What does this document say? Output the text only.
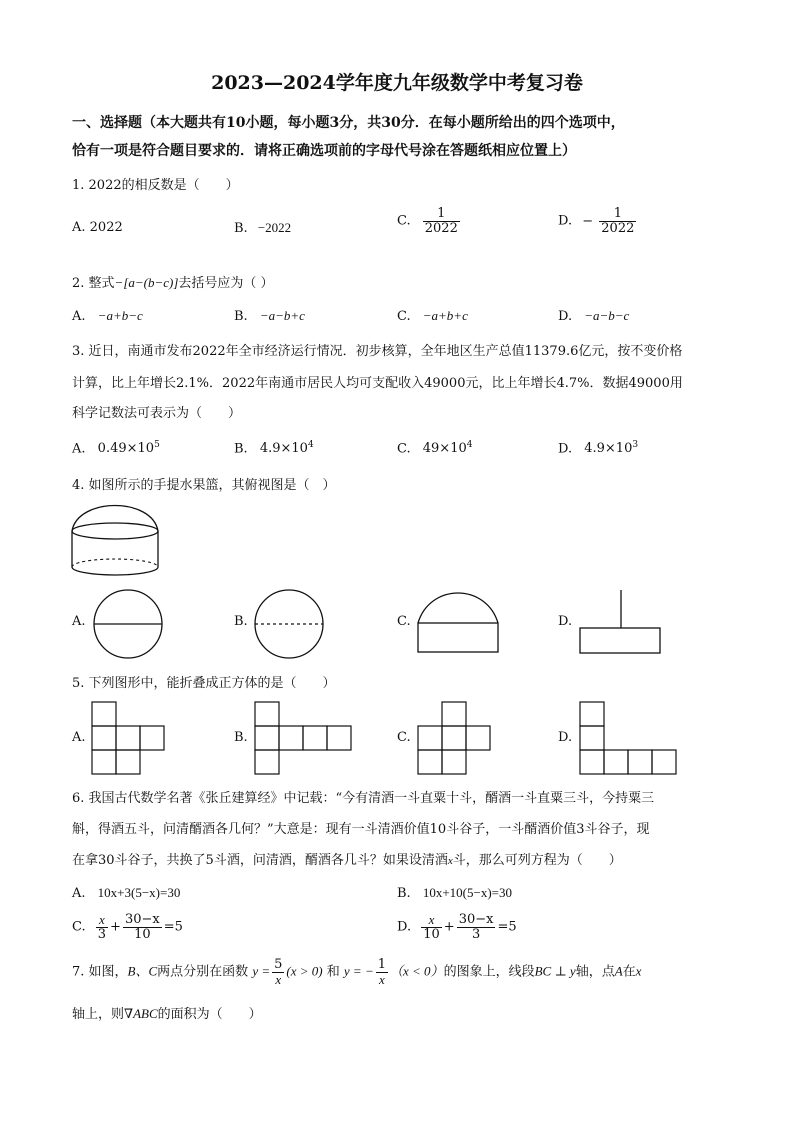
2023—2024学年度九年级数学中考复习卷
一、选择题（本大题共有10小题，每小题3分，共30分．在每小题所给出的四个选项中，
恰有一项是符合题目要求的．请将正确选项前的字母代号涂在答题纸相应位置上）
1. 2022的相反数是（　　）
A. 2022	B. −2022	C. $\frac{1}{2022}$	D. − $\frac{1}{2022}$
2. 整式−[a−(b−c)]去括号应为（ ）
A. −a+b−c	B. −a−b+c	C. −a+b+c	D. −a−b−c
3. 近日，南通市发布2022年全市经济运行情况．初步核算，全年地区生产总值11379.6亿元，按不变价格
计算，比上年增长2.1%．2022年南通市居民人均可支配收入49000元，比上年增长4.7%．数据49000用
科学记数法可表示为（　　）
A. $0.49\times 10^5$	B. $4.9\times 10^4$	C. $49\times 10^4$	D. $4.9\times 10^3$
4. 如图所示的手提水果篮，其俯视图是（　）
A.	B.	C.	D.
5. 下列图形中，能折叠成正方体的是（　　）
A.	B.	C.	D.
6. 我国古代数学名著《张丘建算经》中记载：“今有清酒一斗直粟十斗，醑酒一斗直粟三斗，今持粟三
斛，得酒五斗，问清醑酒各几何？”大意是：现有一斗清酒价值10斗谷子，一斗醑酒价值3斗谷子，现
在拿30斗谷子，共换了5斗酒，问清酒，醑酒各几斗？如果设清酒x斗，那么可列方程为（　　）
A. 10x+3(5−x)=30	B. 10x+10(5−x)=30
C. $\frac{x}{3} + \frac{30-x}{10} =5$	D. $\frac{x}{10} + \frac{30-x}{3} =5$
7. 如图，B、C两点分别在函数 $y = \frac{5}{x} (x > 0)$ 和 y = − $\frac{1}{x} (x < 0)$的图象上，线段BC ⊥ y轴，点A在x
轴上，则∇ABC的面积为（　　）
